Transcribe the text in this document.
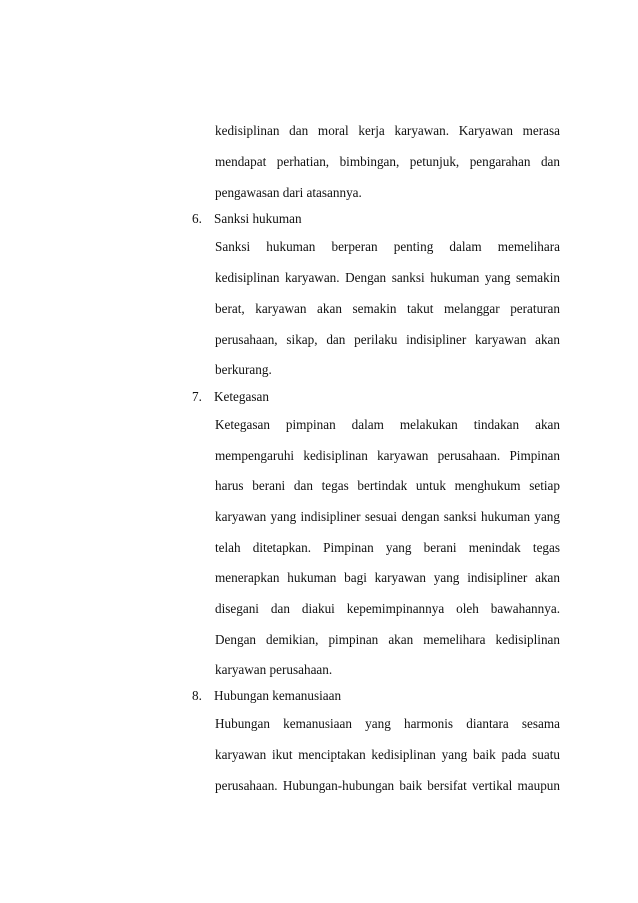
kedisiplinan dan moral kerja karyawan. Karyawan merasa
mendapat perhatian, bimbingan, petunjuk, pengarahan dan
pengawasan dari atasannya.
6. Sanksi hukuman
Sanksi hukuman berperan penting dalam memelihara
kedisiplinan karyawan. Dengan sanksi hukuman yang semakin
berat, karyawan akan semakin takut melanggar peraturan
perusahaan, sikap, dan perilaku indisipliner karyawan akan
berkurang.
7. Ketegasan
Ketegasan pimpinan dalam melakukan tindakan akan
mempengaruhi kedisiplinan karyawan perusahaan. Pimpinan
harus berani dan tegas bertindak untuk menghukum setiap
karyawan yang indisipliner sesuai dengan sanksi hukuman yang
telah ditetapkan. Pimpinan yang berani menindak tegas
menerapkan hukuman bagi karyawan yang indisipliner akan
disegani dan diakui kepemimpinannya oleh bawahannya.
Dengan demikian, pimpinan akan memelihara kedisiplinan
karyawan perusahaan.
8. Hubungan kemanusiaan
Hubungan kemanusiaan yang harmonis diantara sesama
karyawan ikut menciptakan kedisiplinan yang baik pada suatu
perusahaan. Hubungan-hubungan baik bersifat vertikal maupun
